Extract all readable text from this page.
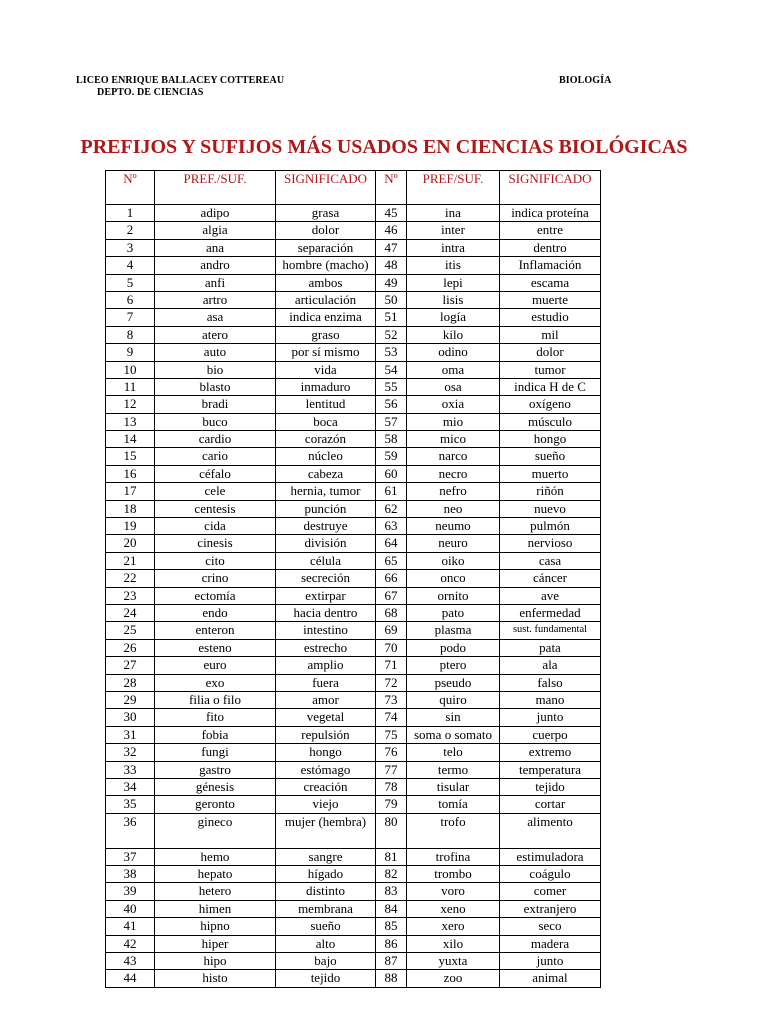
LICEO ENRIQUE BALLACEY COTTEREAU
DEPTO. DE CIENCIAS
BIOLOGÍA
PREFIJOS Y SUFIJOS MÁS USADOS EN CIENCIAS BIOLÓGICAS
Nº	PREF./SUF.	SIGNIFICADO	Nº	PREF/SUF.	SIGNIFICADO
1	adipo	grasa	45	ina	indica proteína
2	algia	dolor	46	inter	entre
3	ana	separación	47	intra	dentro
4	andro	hombre (macho)	48	itis	Inflamación
5	anfi	ambos	49	lepi	escama
6	artro	articulación	50	lisis	muerte
7	asa	indica enzima	51	logía	estudio
8	atero	graso	52	kilo	mil
9	auto	por sí mismo	53	odino	dolor
10	bio	vida	54	oma	tumor
11	blasto	inmaduro	55	osa	indica H de C
12	bradi	lentitud	56	oxia	oxígeno
13	buco	boca	57	mio	músculo
14	cardio	corazón	58	mico	hongo
15	cario	núcleo	59	narco	sueño
16	céfalo	cabeza	60	necro	muerto
17	cele	hernia, tumor	61	nefro	riñón
18	centesis	punción	62	neo	nuevo
19	cida	destruye	63	neumo	pulmón
20	cinesis	división	64	neuro	nervioso
21	cito	célula	65	oiko	casa
22	crino	secreción	66	onco	cáncer
23	ectomía	extirpar	67	ornito	ave
24	endo	hacia dentro	68	pato	enfermedad
25	enteron	intestino	69	plasma	sust. fundamental
26	esteno	estrecho	70	podo	pata
27	euro	amplio	71	ptero	ala
28	exo	fuera	72	pseudo	falso
29	filia o filo	amor	73	quiro	mano
30	fito	vegetal	74	sin	junto
31	fobia	repulsión	75	soma o somato	cuerpo
32	fungi	hongo	76	telo	extremo
33	gastro	estómago	77	termo	temperatura
34	génesis	creación	78	tisular	tejido
35	geronto	viejo	79	tomía	cortar
36	gineco	mujer (hembra)	80	trofo	alimento
37	hemo	sangre	81	trofina	estimuladora
38	hepato	hígado	82	trombo	coágulo
39	hetero	distinto	83	voro	comer
40	himen	membrana	84	xeno	extranjero
41	hipno	sueño	85	xero	seco
42	hiper	alto	86	xilo	madera
43	hipo	bajo	87	yuxta	junto
44	histo	tejido	88	zoo	animal
